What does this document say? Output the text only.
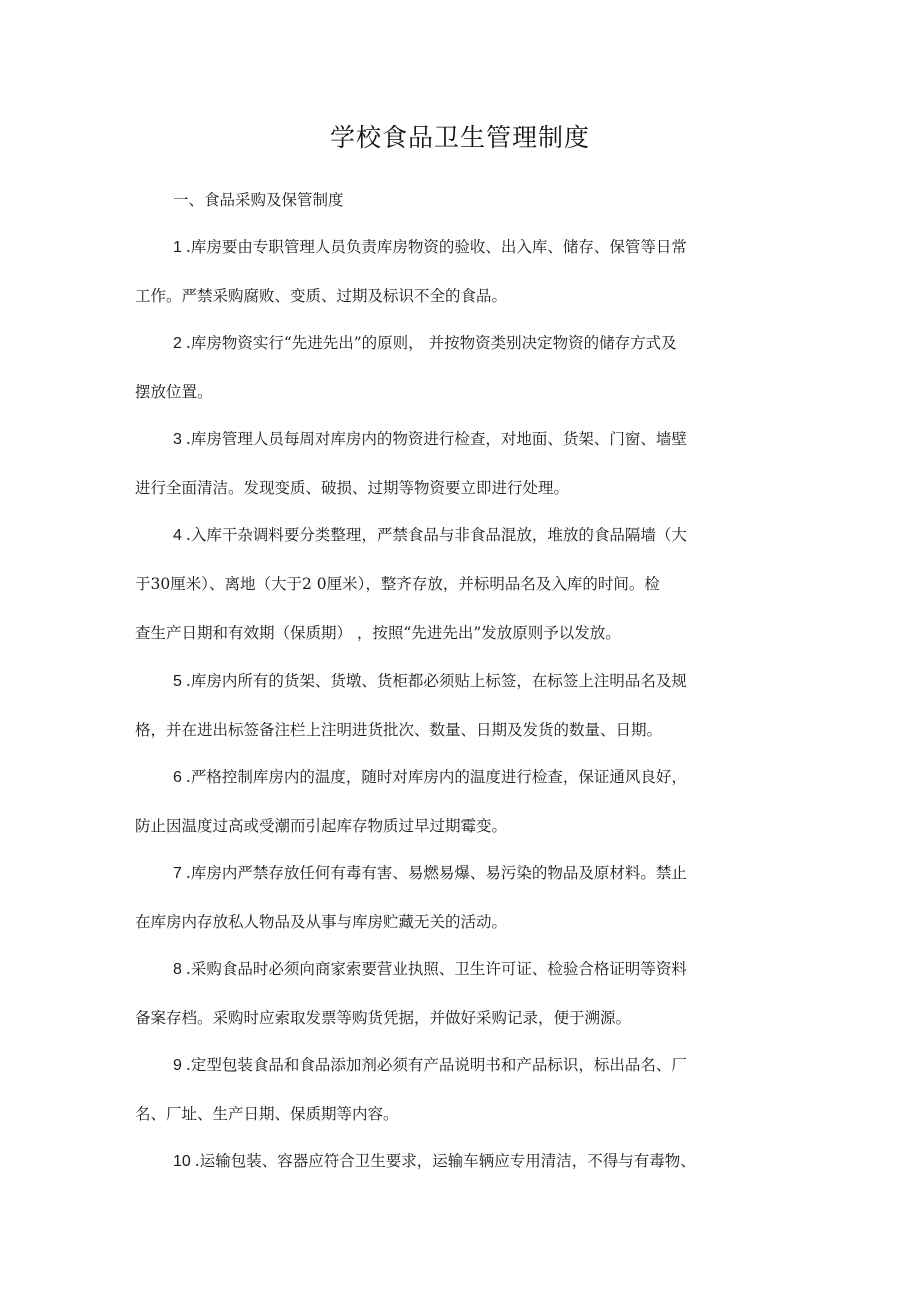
学校食品卫生管理制度
一、食品采购及保管制度
1 .库房要由专职管理人员负责库房物资的验收、出入库、储存、保管等日常
工作。严禁采购腐败、变质、过期及标识不全的食品。
2 .库房物资实行“先进先出”的原则， 并按物资类别决定物资的储存方式及
摆放位置。
3 .库房管理人员每周对库房内的物资进行检查，对地面、货架、门窗、墙壁
进行全面清洁。发现变质、破损、过期等物资要立即进行处理。
4 .入库干杂调料要分类整理，严禁食品与非食品混放，堆放的食品隔墙（大
于30厘米）、离地（大于2 0厘米），整齐存放，并标明品名及入库的时间。检
查生产日期和有效期（保质期） ，按照“先进先出”发放原则予以发放。
5 .库房内所有的货架、货墩、货柜都必须贴上标签，在标签上注明品名及规
格，并在进出标签备注栏上注明进货批次、数量、日期及发货的数量、日期。
6 .严格控制库房内的温度，随时对库房内的温度进行检查，保证通风良好，
防止因温度过高或受潮而引起库存物质过早过期霉变。
7 .库房内严禁存放任何有毒有害、易燃易爆、易污染的物品及原材料。禁止
在库房内存放私人物品及从事与库房贮藏无关的活动。
8 .采购食品时必须向商家索要营业执照、卫生许可证、检验合格证明等资料
备案存档。采购时应索取发票等购货凭据，并做好采购记录，便于溯源。
9 .定型包装食品和食品添加剂必须有产品说明书和产品标识，标出品名、厂
名、厂址、生产日期、保质期等内容。
10 .运输包装、容器应符合卫生要求，运输车辆应专用清洁，不得与有毒物、
